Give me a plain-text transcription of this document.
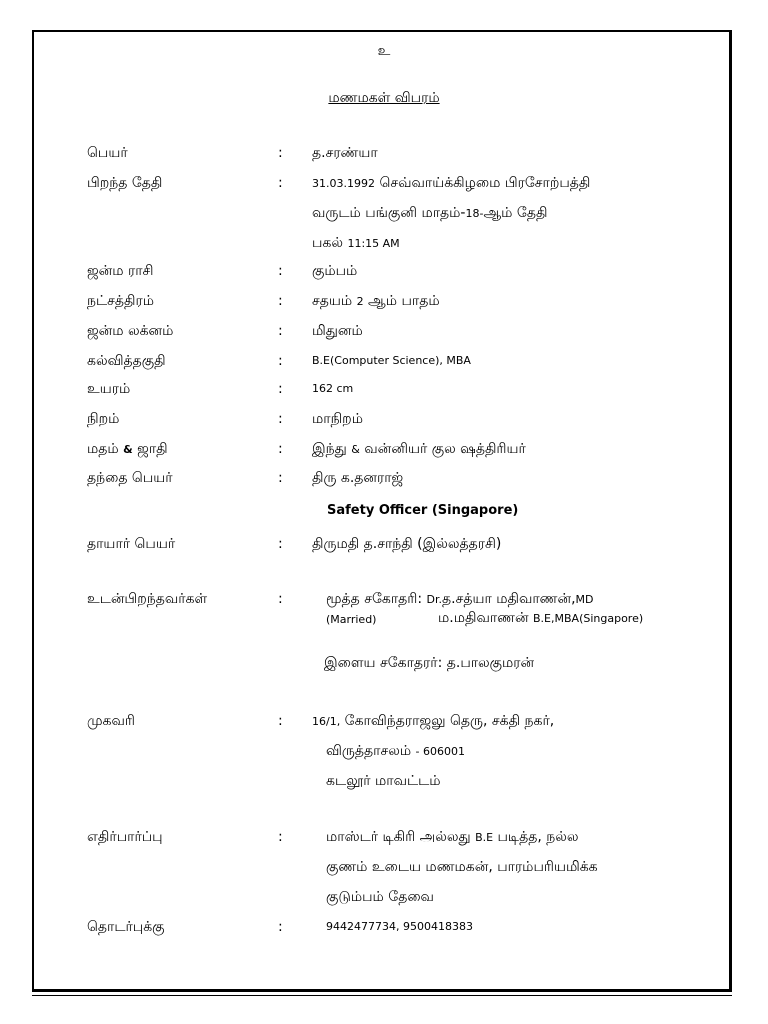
உ
மணமகள் விபரம்
பெயர்	: த.சரண்யா
பிறந்த தேதி	:	31.03.1992 செவ்வாய்க்கிழமை பிரசோற்பத்தி
வருடம் பங்குனி மாதம்-18-ஆம் தேதி
பகல் 11:15 AM
ஜன்ம ராசி	: கும்பம்
நட்சத்திரம்	: சதயம் 2 ஆம் பாதம்
ஜன்ம லக்னம்	: மிதுனம்
கல்வித்தகுதி	:	B.E(Computer Science), MBA
உயரம்	:	162 cm
நிறம்	: மாநிறம்
மதம் & ஜாதி	: இந்து & வன்னியர் குல ஷத்திரியர்
தந்தை பெயர்	: திரு க.தனராஜ்
Safety Officer (Singapore)
தாயார் பெயர்	: திருமதி த.சாந்தி (இல்லத்தரசி)
உடன்பிறந்தவர்கள்	:	மூத்த சகோதரி: Dr.த.சத்யா மதிவாணன்,MD
(Married)	ம.மதிவாணன் B.E,MBA(Singapore)
இளைய சகோதரர்: த.பாலகுமரன்
முகவரி	:	16/1, கோவிந்தராஜலு தெரு, சக்தி நகர்,
விருத்தாசலம் - 606001
கடலூர் மாவட்டம்
எதிர்பார்ப்பு	:	மாஸ்டர் டிகிரி அல்லது B.E படித்த, நல்ல
குணம் உடைய மணமகன், பாரம்பரியமிக்க
குடும்பம் தேவை
தொடர்புக்கு	:	9442477734, 9500418383
